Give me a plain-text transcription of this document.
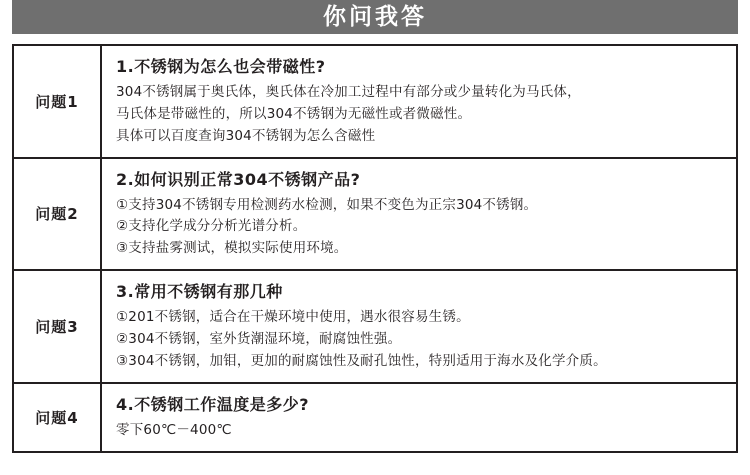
你问我答
问题1	1.不锈钢为怎么也会带磁性?
304不锈钢属于奥氏体，奥氏体在冷加工过程中有部分或少量转化为马氏体，
马氏体是带磁性的，所以304不锈钢为无磁性或者微磁性。
具体可以百度查询304不锈钢为怎么含磁性

问题2	2.如何识别正常304不锈钢产品?
①支持304不锈钢专用检测药水检测，如果不变色为正宗304不锈钢。
②支持化学成分分析光谱分析。
③支持盐雾测试，模拟实际使用环境。

问题3	3.常用不锈钢有那几种
①201不锈钢，适合在干燥环境中使用，遇水很容易生锈。
②304不锈钢，室外货潮湿环境，耐腐蚀性强。
③304不锈钢，加钼，更加的耐腐蚀性及耐孔蚀性，特别适用于海水及化学介质。

问题4	4.不锈钢工作温度是多少?
零下60℃－400℃
